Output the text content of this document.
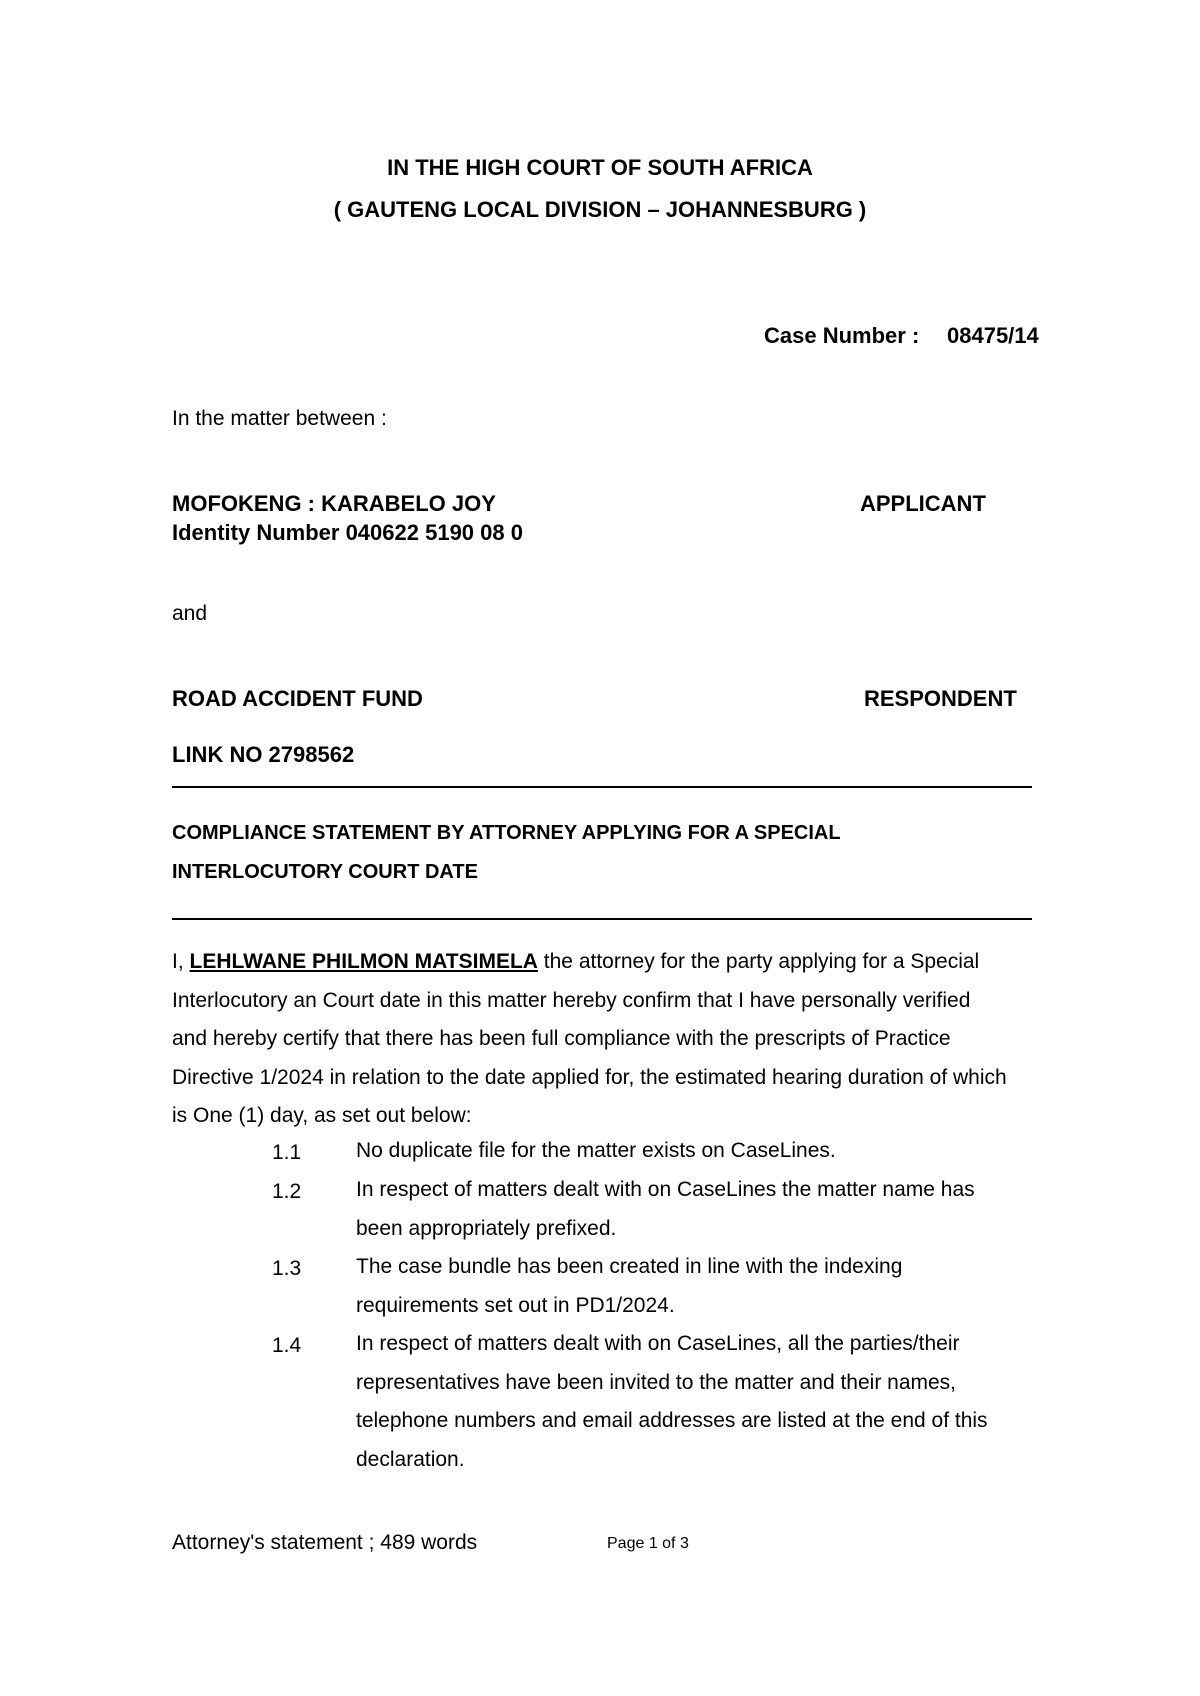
IN THE HIGH COURT OF SOUTH AFRICA
( GAUTENG LOCAL DIVISION – JOHANNESBURG )
Case Number : 08475/14
In the matter between :
MOFOKENG : KARABELO JOY	APPLICANT
Identity Number 040622 5190 08 0
and
ROAD ACCIDENT FUND	RESPONDENT
LINK NO 2798562
COMPLIANCE STATEMENT BY ATTORNEY APPLYING FOR A SPECIAL
INTERLOCUTORY COURT DATE
I, LEHLWANE PHILMON MATSIMELA the attorney for the party applying for a Special
Interlocutory an Court date in this matter hereby confirm that I have personally verified
and hereby certify that there has been full compliance with the prescripts of Practice
Directive 1/2024 in relation to the date applied for, the estimated hearing duration of which
is One (1) day, as set out below:
1.1	No duplicate file for the matter exists on CaseLines.
1.2	In respect of matters dealt with on CaseLines the matter name has
been appropriately prefixed.
1.3	The case bundle has been created in line with the indexing
requirements set out in PD1/2024.
1.4	In respect of matters dealt with on CaseLines, all the parties/their
representatives have been invited to the matter and their names,
telephone numbers and email addresses are listed at the end of this
declaration.
Attorney's statement ; 489 words	Page 1 of 3
